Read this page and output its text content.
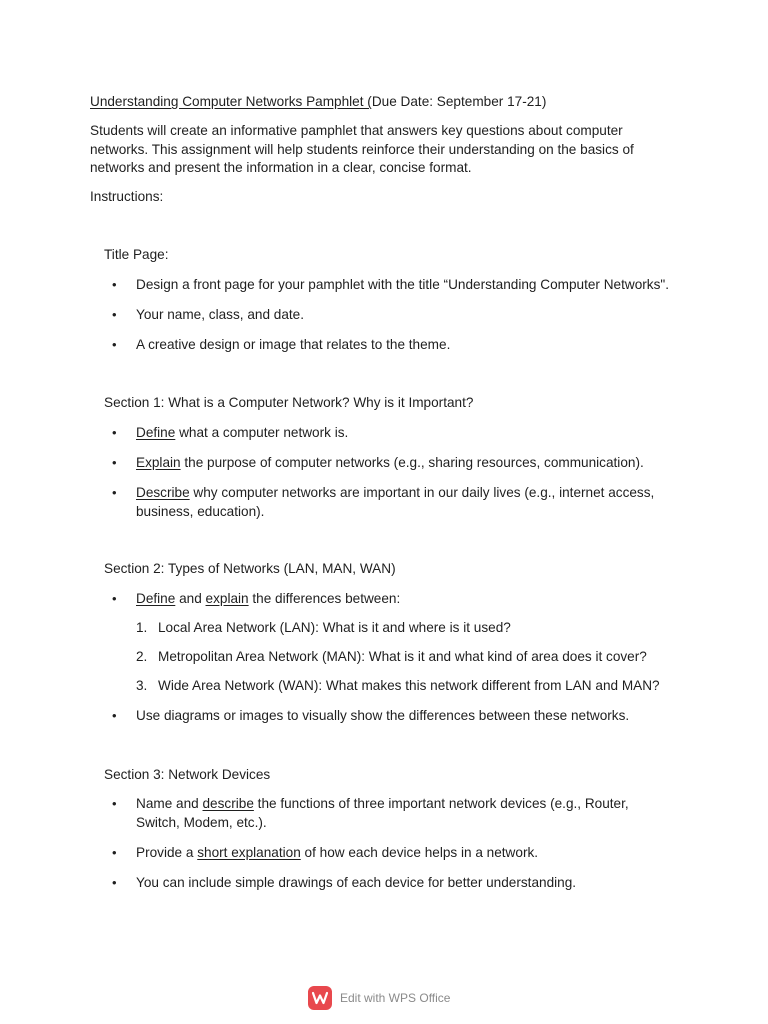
Understanding Computer Networks Pamphlet (Due Date: September 17-21)

Students will create an informative pamphlet that answers key questions about computer networks. This assignment will help students reinforce their understanding on the basics of networks and present the information in a clear, concise format.

Instructions:
Title Page:
• Design a front page for your pamphlet with the title “Understanding Computer Networks".
• Your name, class, and date.
• A creative design or image that relates to the theme.
Section 1: What is a Computer Network? Why is it Important?
• Define what a computer network is.
• Explain the purpose of computer networks (e.g., sharing resources, communication).
• Describe why computer networks are important in our daily lives (e.g., internet access, business, education).
Section 2: Types of Networks (LAN, MAN, WAN)
• Define and explain the differences between:
1. Local Area Network (LAN): What is it and where is it used?
2. Metropolitan Area Network (MAN): What is it and what kind of area does it cover?
3. Wide Area Network (WAN): What makes this network different from LAN and MAN?
• Use diagrams or images to visually show the differences between these networks.
Section 3: Network Devices
• Name and describe the functions of three important network devices (e.g., Router, Switch, Modem, etc.).
• Provide a short explanation of how each device helps in a network.
• You can include simple drawings of each device for better understanding.
Edit with WPS Office
